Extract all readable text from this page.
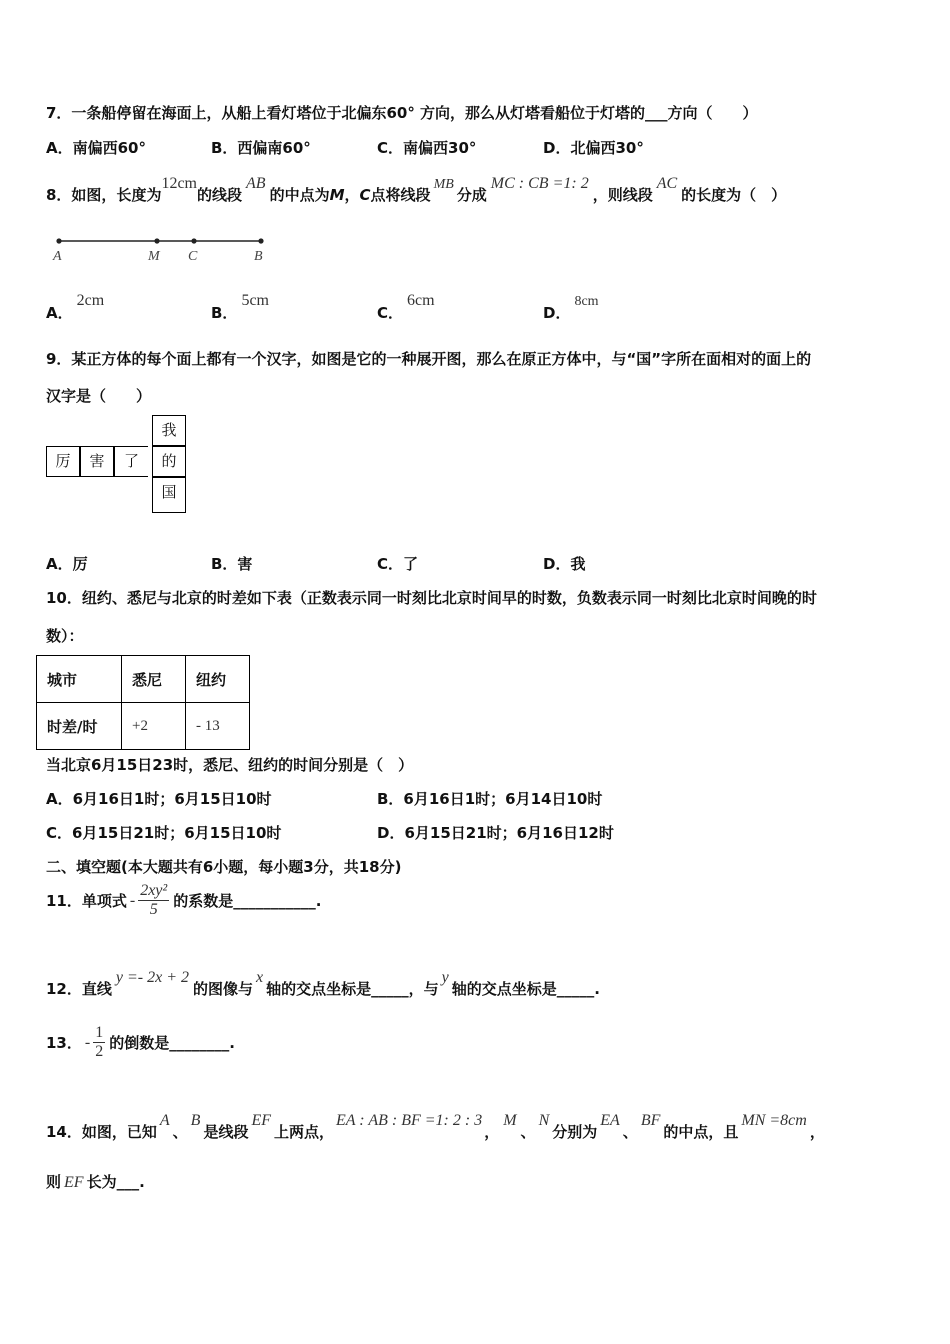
7．一条船停留在海面上，从船上看灯塔位于北偏东60° 方向，那么从灯塔看船位于灯塔的___方向（　　）
A．南偏西60°	B．西偏南60°	C．南偏西30°	D．北偏西30°
8．如图，长度为12cm的线段AB的中点为M，C点将线段MB分成MC : CB =1: 2，则线段AC的长度为（　）
A	M C	B
A．2cm
B．5cm
C．6cm
D．8cm
9．某正方体的每个面上都有一个汉字，如图是它的一种展开图，那么在原正方体中，与“国”字所在面相对的面上的
汉字是（　　）
厉	害	了
我
的
国
A．厉	B．害	C．了	D．我
10．纽约、悉尼与北京的时差如下表（正数表示同一时刻比北京时间早的时数，负数表示同一时刻比北京时间晚的时
数）：
城市	悉尼	纽约
时差/时	+2	- 13
当北京6月15日23时，悉尼、纽约的时间分别是（　）
A．6月16日1时；6月15日10时	B．6月16日1时；6月14日10时
C．6月15日21时；6月15日10时	D．6月15日21时；6月16日12时
二、填空题(本大题共有6小题，每小题3分，共18分)
11．单项式 - $\frac{\text{2xy²}}{5}$ 的系数是___________.
12．直线y =- 2x + 2的图像与x轴的交点坐标是_____，与y轴的交点坐标是_____.
13． - $\frac{1}{2}$ 的倒数是________.
14．如图，已知A、B是线段EF上两点，EA : AB : BF =1: 2 : 3，M、N分别为EA、BF的中点，且MN =8cm，
则 EF 长为___.
